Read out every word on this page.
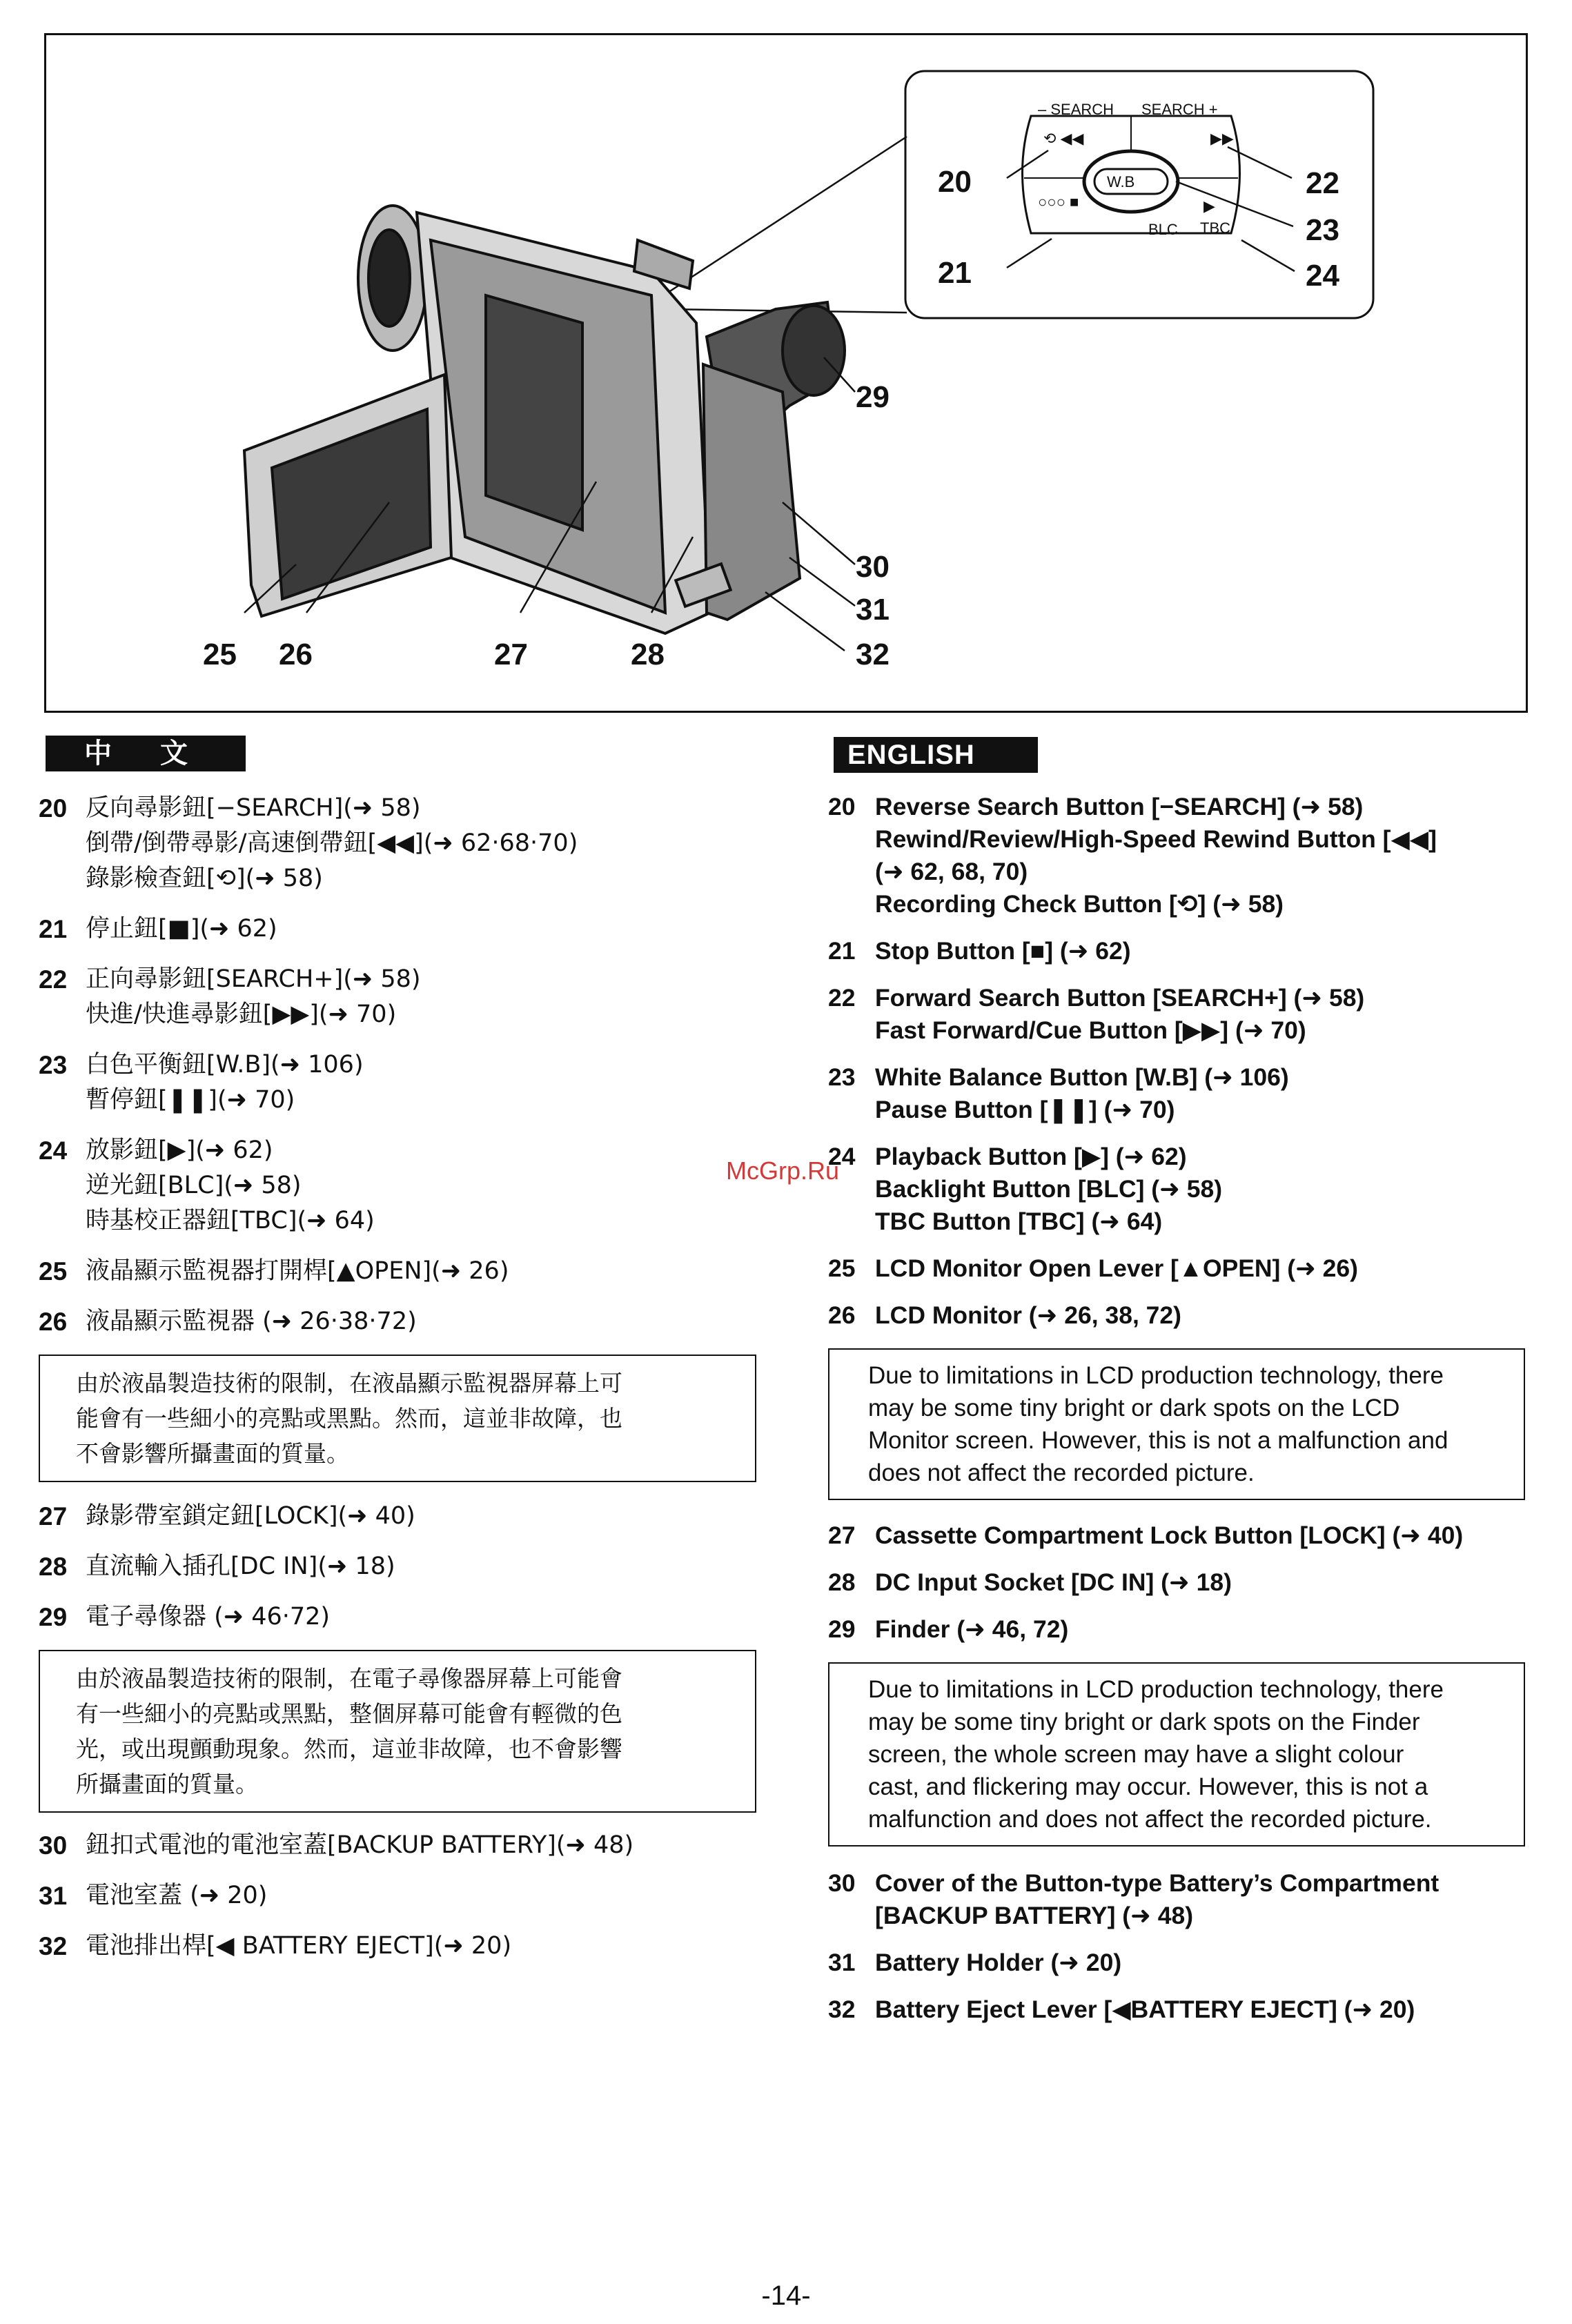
W.B
– SEARCH SEARCH +
⟲ ◀◀	▶▶
○○○ ■
BLC
▶
TBC
20
21
22
23
24
25 26	27	28
29
30
31
32
中 文	ENGLISH
20 反向尋影鈕[−SEARCH](➜ 58)
倒帶/倒帶尋影/高速倒帶鈕[◀◀](➜ 62‧68‧70)
錄影檢查鈕[⟲](➜ 58)
21 停止鈕[■](➜ 62)
22 正向尋影鈕[SEARCH+](➜ 58)
快進/快進尋影鈕[▶▶](➜ 70)
23 白色平衡鈕[W.B](➜ 106)
暫停鈕[❚❚](➜ 70)
24 放影鈕[▶](➜ 62)
逆光鈕[BLC](➜ 58)
時基校正器鈕[TBC](➜ 64)
25 液晶顯示監視器打開桿[▲OPEN](➜ 26)
26 液晶顯示監視器 (➜ 26‧38‧72)
由於液晶製造技術的限制，在液晶顯示監視器屏幕上可
能會有一些細小的亮點或黑點。然而，這並非故障，也
不會影響所攝畫面的質量。
27 錄影帶室鎖定鈕[LOCK](➜ 40)
28 直流輸入插孔[DC IN](➜ 18)
29 電子尋像器 (➜ 46‧72)
由於液晶製造技術的限制，在電子尋像器屏幕上可能會
有一些細小的亮點或黑點，整個屏幕可能會有輕微的色
光，或出現顫動現象。然而，這並非故障，也不會影響
所攝畫面的質量。
30 鈕扣式電池的電池室蓋[BACKUP BATTERY](➜ 48)
31 電池室蓋 (➜ 20)
32 電池排出桿[◀ BATTERY EJECT](➜ 20)
20 Reverse Search Button [−SEARCH] (➜ 58)
Rewind/Review/High-Speed Rewind Button [◀◀]
(➜ 62, 68, 70)
Recording Check Button [⟲] (➜ 58)
21 Stop Button [■] (➜ 62)
22 Forward Search Button [SEARCH+] (➜ 58)
Fast Forward/Cue Button [▶▶] (➜ 70)
23 White Balance Button [W.B] (➜ 106)
Pause Button [❚❚] (➜ 70)
24 Playback Button [▶] (➜ 62)
Backlight Button [BLC] (➜ 58)
TBC Button [TBC] (➜ 64)
25 LCD Monitor Open Lever [▲OPEN] (➜ 26)
26 LCD Monitor (➜ 26, 38, 72)
Due to limitations in LCD production technology, there
may be some tiny bright or dark spots on the LCD
Monitor screen. However, this is not a malfunction and
does not affect the recorded picture.
27 Cassette Compartment Lock Button [LOCK] (➜ 40)
28 DC Input Socket [DC IN] (➜ 18)
29 Finder (➜ 46, 72)
Due to limitations in LCD production technology, there
may be some tiny bright or dark spots on the Finder
screen, the whole screen may have a slight colour
cast, and flickering may occur. However, this is not a
malfunction and does not affect the recorded picture.
30 Cover of the Button-type Battery’s Compartment
[BACKUP BATTERY] (➜ 48)
31 Battery Holder (➜ 20)
32 Battery Eject Lever [◀BATTERY EJECT] (➜ 20)
McGrp.Ru
-14-
